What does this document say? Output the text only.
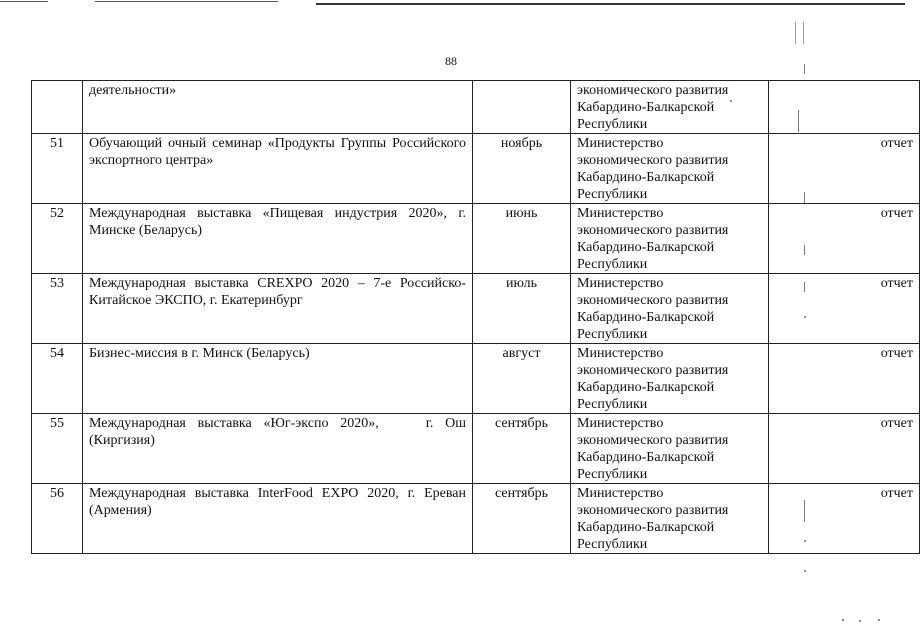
88
	деятельности»		экономического развития
Кабардино-Балкарской
Республики	

51	Обучающий очный семинар «Продукты Группы Российского экспортного центра»	ноябрь	Министерство
экономического развития
Кабардино-Балкарской
Республики	отчет
52	Международная выставка «Пищевая индустрия 2020», г. Минске (Беларусь)	июнь	Министерство
экономического развития
Кабардино-Балкарской
Республики	отчет
53	Международная выставка CREXPO 2020 – 7-е Российско-Китайское ЭКСПО, г. Екатеринбург	июль	Министерство
экономического развития
Кабардино-Балкарской
Республики	отчет
54	Бизнес-миссия в г. Минск (Беларусь)	август	Министерство
экономического развития
Кабардино-Балкарской
Республики	отчет
55	Международная выставка «Юг-экспо 2020»,    г. Ош (Киргизия)	сентябрь	Министерство
экономического развития
Кабардино-Балкарской
Республики	отчет
56	Международная выставка InterFood EXPO 2020, г. Ереван (Армения)	сентябрь	Министерство
экономического развития
Кабардино-Балкарской
Республики	отчет
